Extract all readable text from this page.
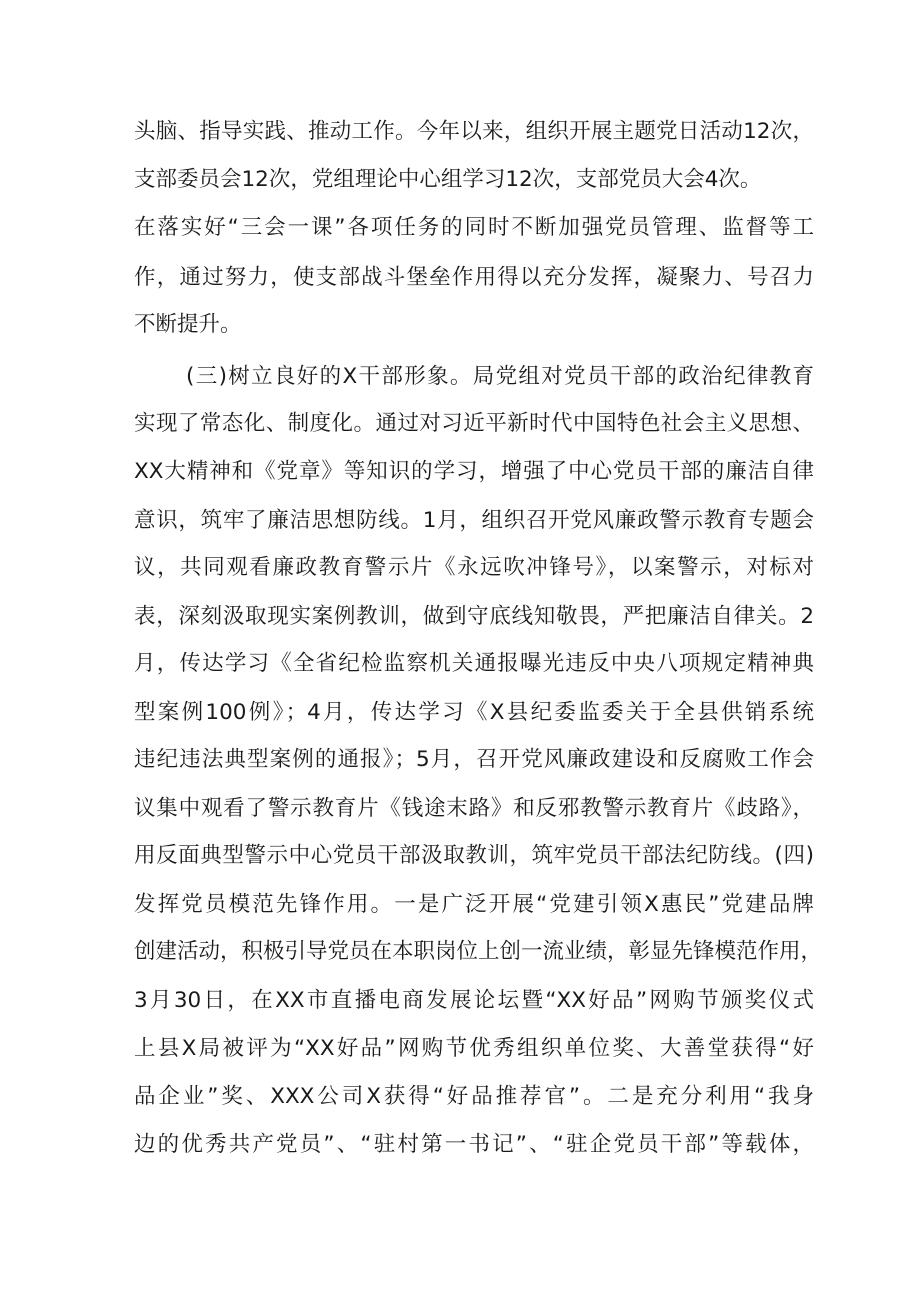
头脑、指导实践、推动工作。今年以来，组织开展主题党日活动12次，
支部委员会12次，党组理论中心组学习12次，支部党员大会4次。
在落实好“三会一课”各项任务的同时不断加强党员管理、监督等工
作，通过努力，使支部战斗堡垒作用得以充分发挥，凝聚力、号召力
不断提升。
(三)树立良好的X干部形象。局党组对党员干部的政治纪律教育
实现了常态化、制度化。通过对习近平新时代中国特色社会主义思想、
XX大精神和《党章》等知识的学习，增强了中心党员干部的廉洁自律
意识，筑牢了廉洁思想防线。1月，组织召开党风廉政警示教育专题会
议，共同观看廉政教育警示片《永远吹冲锋号》，以案警示，对标对
表，深刻汲取现实案例教训，做到守底线知敬畏，严把廉洁自律关。2
月，传达学习《全省纪检监察机关通报曝光违反中央八项规定精神典
型案例100例》；4月，传达学习《X县纪委监委关于全县供销系统
违纪违法典型案例的通报》；5月，召开党风廉政建设和反腐败工作会
议集中观看了警示教育片《钱途末路》和反邪教警示教育片《歧路》，
用反面典型警示中心党员干部汲取教训，筑牢党员干部法纪防线。(四)
发挥党员模范先锋作用。一是广泛开展“党建引领X惠民”党建品牌
创建活动，积极引导党员在本职岗位上创一流业绩，彰显先锋模范作用，
3月30日，在XX市直播电商发展论坛暨“XX好品”网购节颁奖仪式
上县X局被评为“XX好品”网购节优秀组织单位奖、大善堂获得“好
品企业”奖、XXX公司X获得“好品推荐官”。二是充分利用“我身
边的优秀共产党员”、“驻村第一书记”、“驻企党员干部”等载体，
